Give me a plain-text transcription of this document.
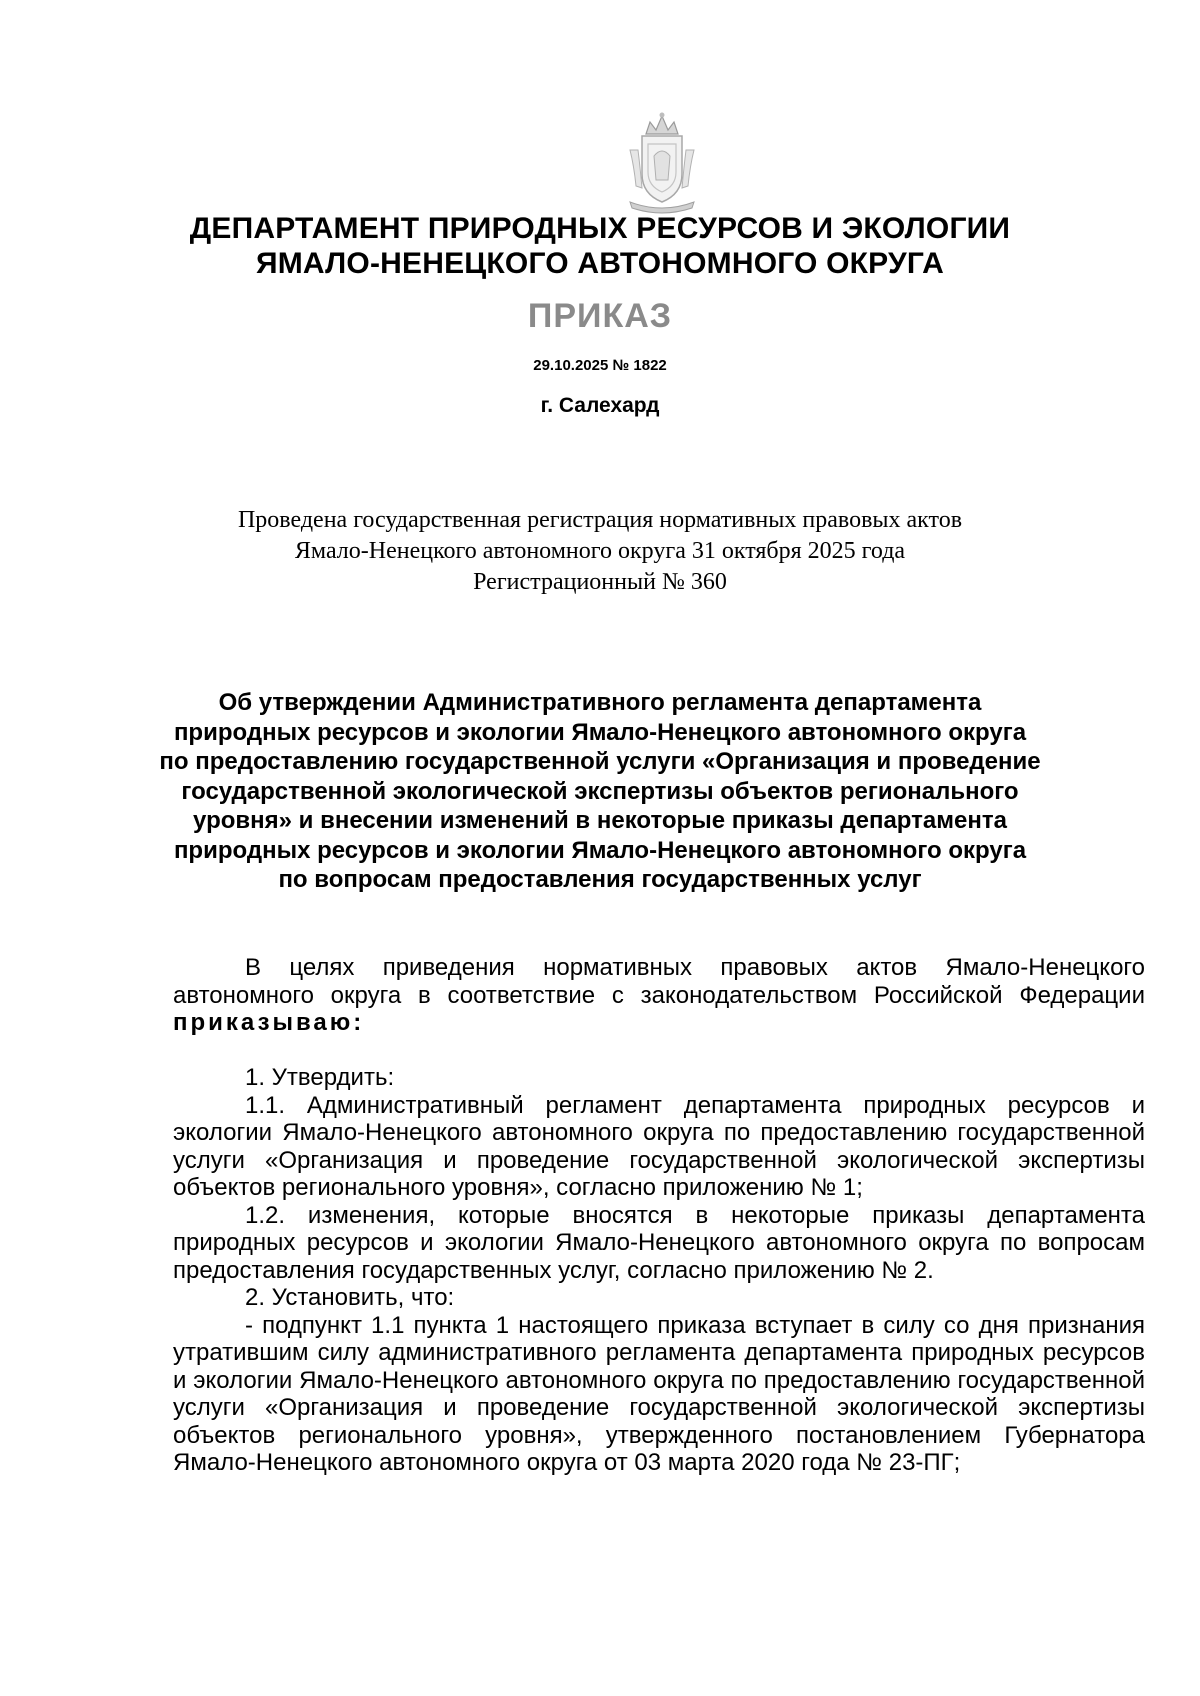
ДЕПАРТАМЕНТ ПРИРОДНЫХ РЕСУРСОВ И ЭКОЛОГИИ
ЯМАЛО-НЕНЕЦКОГО АВТОНОМНОГО ОКРУГА
ПРИКАЗ
29.10.2025 № 1822
г. Салехард
Проведена государственная регистрация нормативных правовых актов
Ямало-Ненецкого автономного округа 31 октября 2025 года
Регистрационный № 360
Об утверждении Административного регламента департамента
природных ресурсов и экологии Ямало-Ненецкого автономного округа
по предоставлению государственной услуги «Организация и проведение
государственной экологической экспертизы объектов регионального
уровня» и внесении изменений в некоторые приказы департамента
природных ресурсов и экологии Ямало-Ненецкого автономного округа
по вопросам предоставления государственных услуг

В целях приведения нормативных правовых актов Ямало-Ненецкого автономного округа в соответствие с законодательством Российской Федерации приказываю:

1. Утвердить:

1.1. Административный регламент департамента природных ресурсов и экологии Ямало-Ненецкого автономного округа по предоставлению государственной услуги «Организация и проведение государственной экологической экспертизы объектов регионального уровня», согласно приложению № 1;

1.2. изменения, которые вносятся в некоторые приказы департамента природных ресурсов и экологии Ямало-Ненецкого автономного округа по вопросам предоставления государственных услуг, согласно приложению № 2.

2. Установить, что:

- подпункт 1.1 пункта 1 настоящего приказа вступает в силу со дня признания утратившим силу административного регламента департамента природных ресурсов и экологии Ямало-Ненецкого автономного округа по предоставлению государственной услуги «Организация и проведение государственной экологической экспертизы объектов регионального уровня», утвержденного постановлением Губернатора Ямало-Ненецкого автономного округа от 03 марта 2020 года № 23-ПГ;
